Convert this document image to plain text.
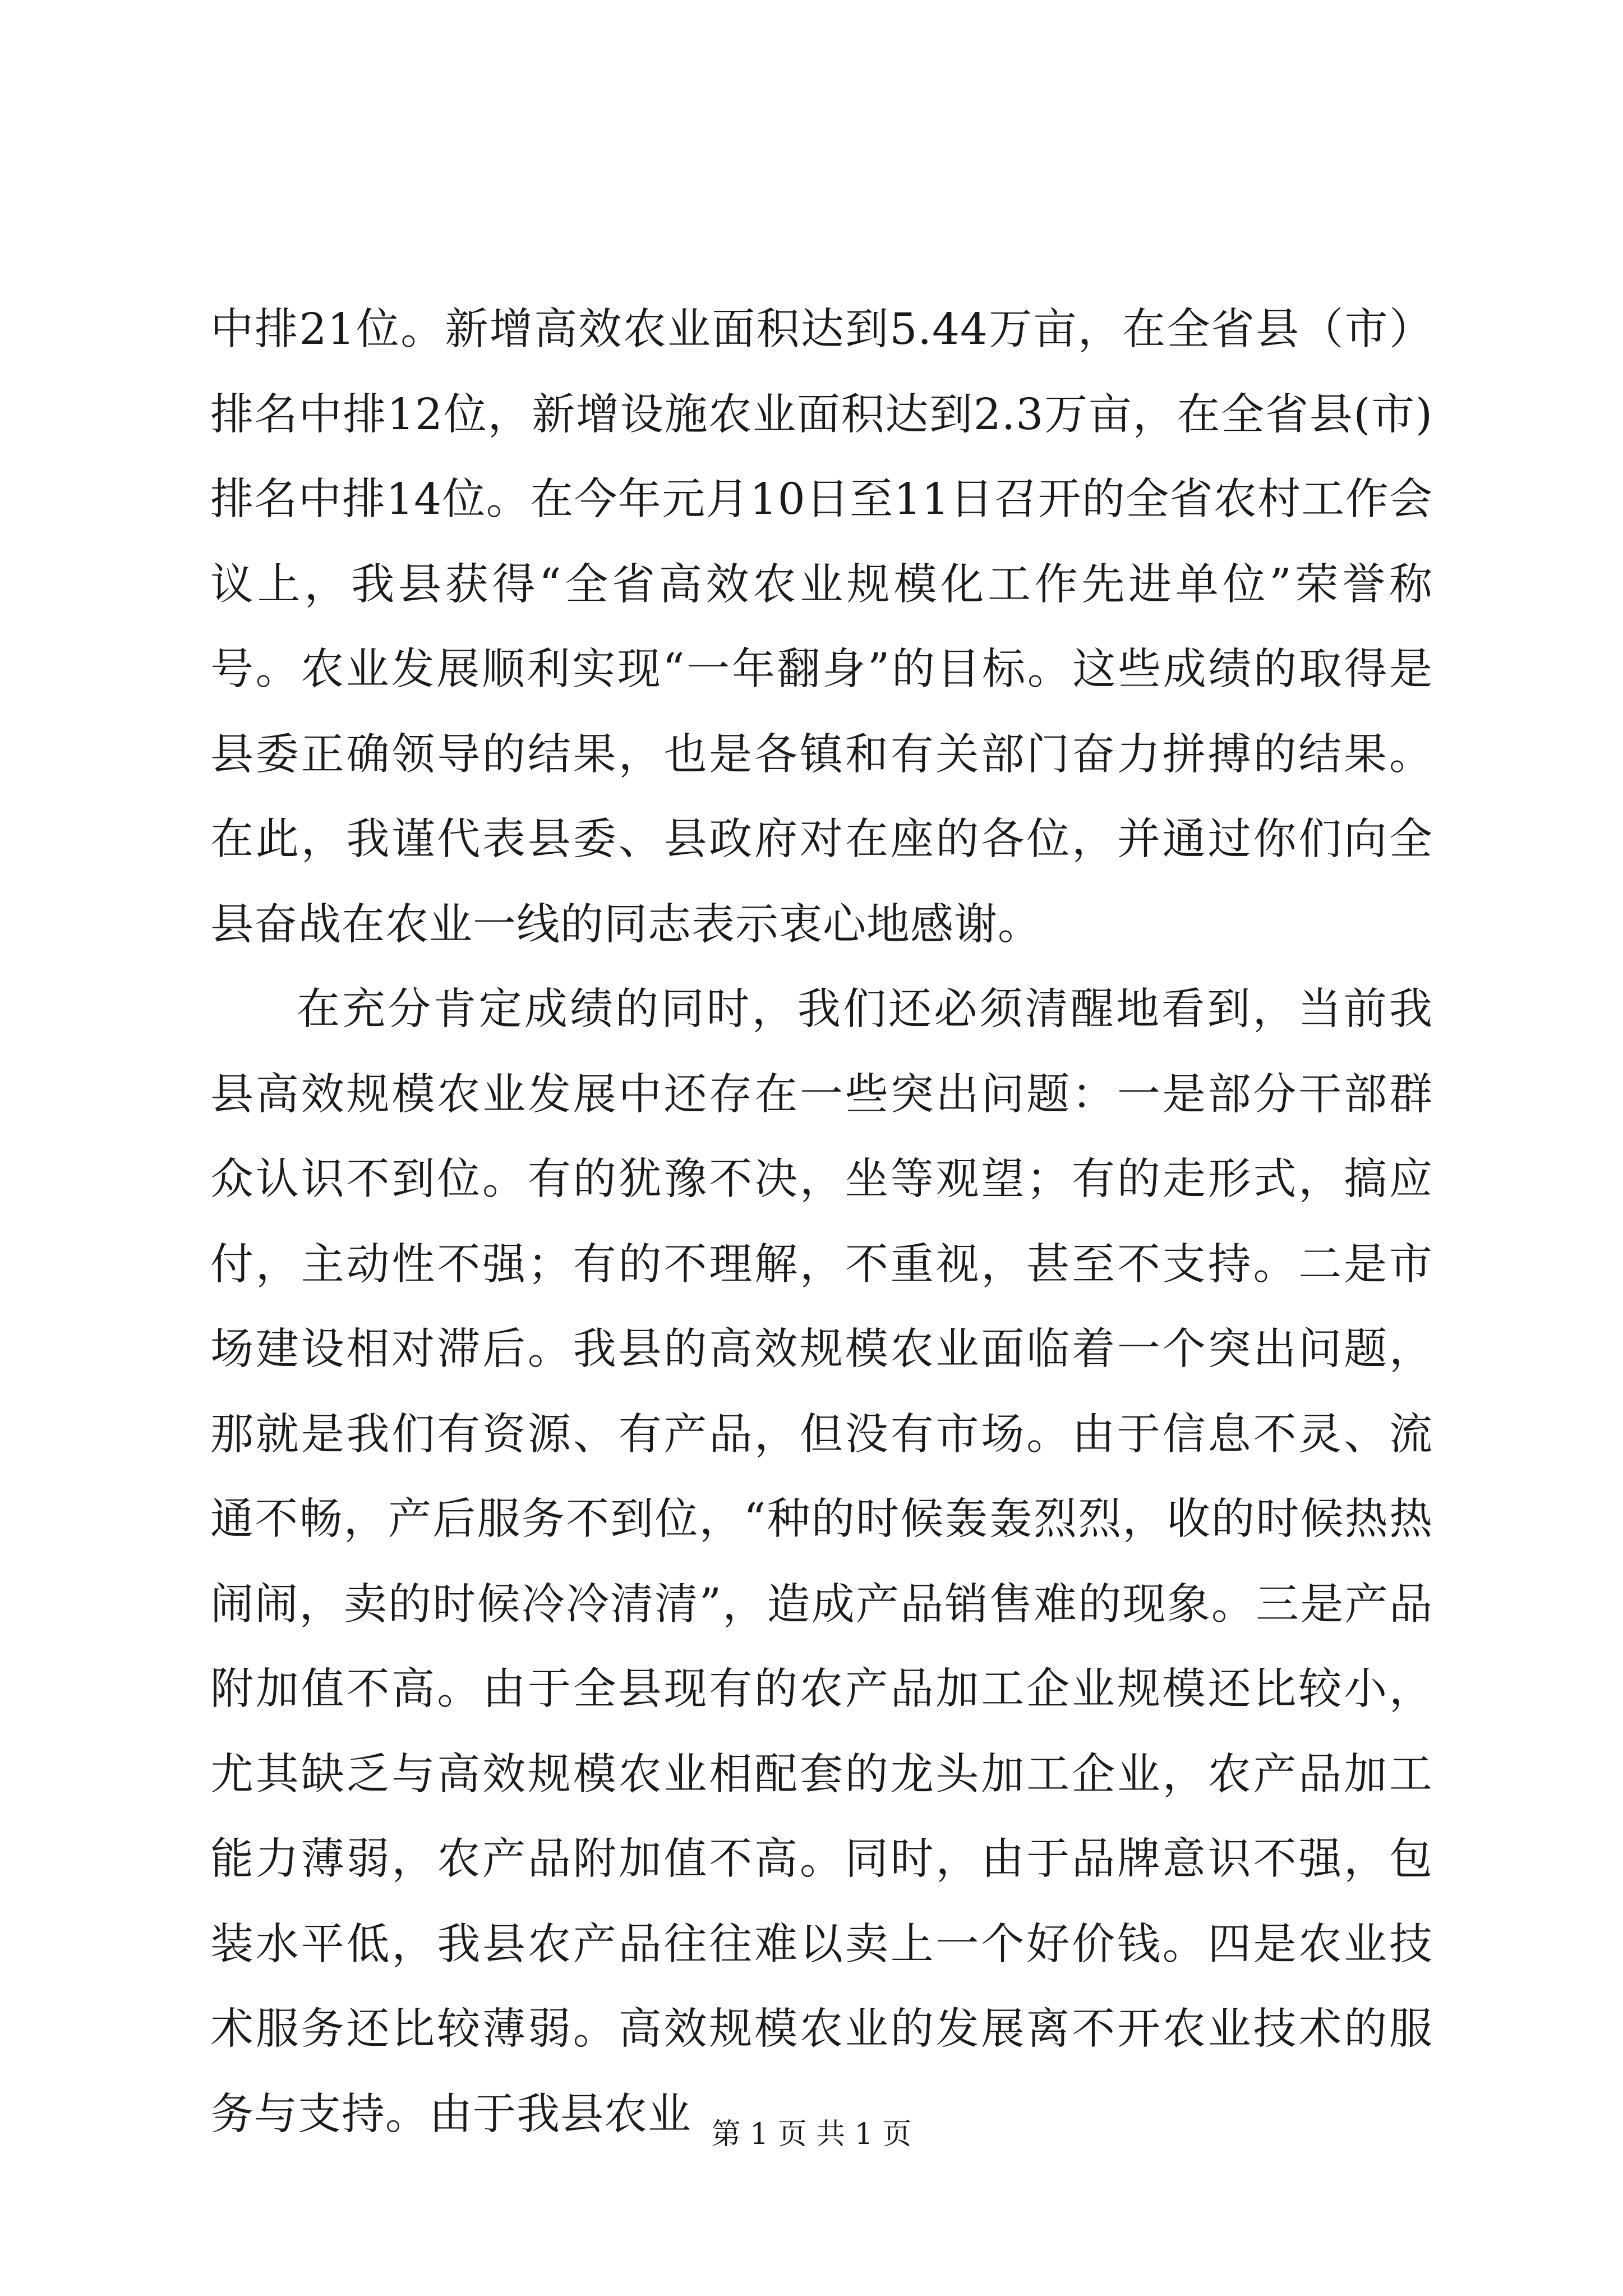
中排21位。新增高效农业面积达到5.44万亩，在全省县（市）排名中排12位，新增设施农业面积达到2.3万亩，在全省县(市)排名中排14位。在今年元月10日至11日召开的全省农村工作会议上，我县获得“全省高效农业规模化工作先进单位”荣誉称号。农业发展顺利实现“一年翻身”的目标。这些成绩的取得是县委正确领导的结果，也是各镇和有关部门奋力拼搏的结果。在此，我谨代表县委、县政府对在座的各位，并通过你们向全县奋战在农业一线的同志表示衷心地感谢。

在充分肯定成绩的同时，我们还必须清醒地看到，当前我县高效规模农业发展中还存在一些突出问题：一是部分干部群众认识不到位。有的犹豫不决，坐等观望；有的走形式，搞应付，主动性不强；有的不理解，不重视，甚至不支持。二是市场建设相对滞后。我县的高效规模农业面临着一个突出问题，那就是我们有资源、有产品，但没有市场。由于信息不灵、流通不畅，产后服务不到位，“种的时候轰轰烈烈，收的时候热热闹闹，卖的时候冷冷清清”，造成产品销售难的现象。三是产品附加值不高。由于全县现有的农产品加工企业规模还比较小，尤其缺乏与高效规模农业相配套的龙头加工企业，农产品加工能力薄弱，农产品附加值不高。同时，由于品牌意识不强，包装水平低，我县农产品往往难以卖上一个好价钱。四是农业技术服务还比较薄弱。高效规模农业的发展离不开农业技术的服务与支持。由于我县农业 第 1 页 共 1 页
